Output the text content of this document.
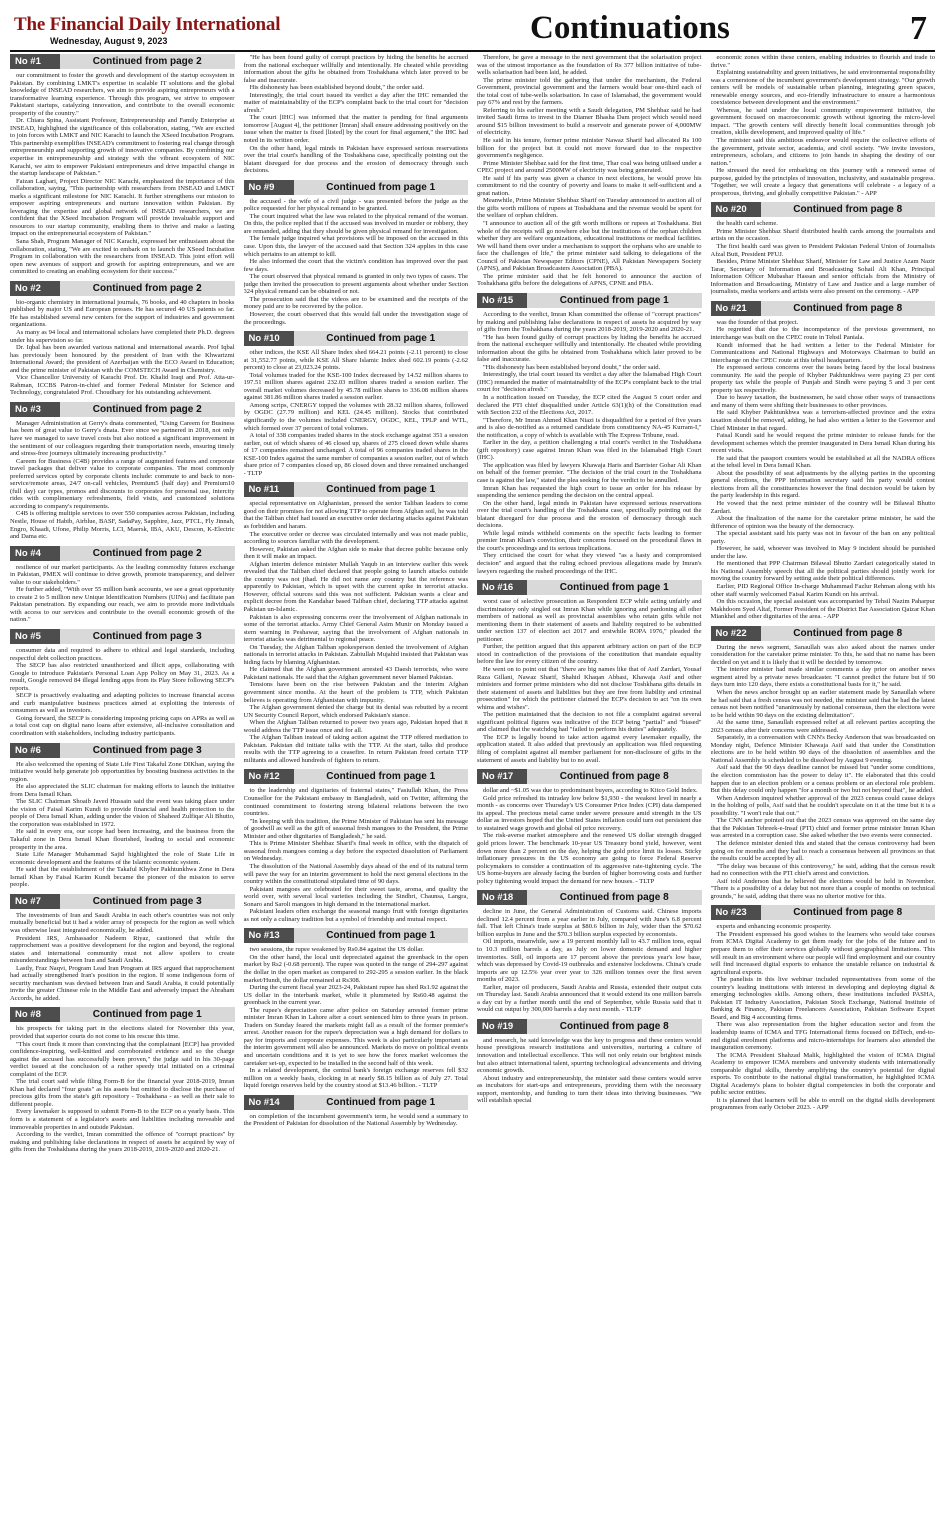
The Financial Daily International
Wednesday, August 9, 2023	Continuations	7
No #1	Continued from page 2

our commitment to foster the growth and development of the startup ecosystem in Pakistan. By combining LMKT's expertise in scalable IT solutions and the global knowledge of INSEAD researchers, we aim to provide aspiring entrepreneurs with a transformative learning experience. Through this program, we strive to empower Pakistani startups, catalyzing innovation, and contribute to the overall economic prosperity of the country."

Dr. Chiara Spina, Assistant Professor, Entrepreneurship and Family Enterprise at INSEAD, highlighted the significance of this collaboration, stating, "We are excited to join forces with LMKT and NIC Karachi to launch the XSeed Incubation Program. This partnership exemplifies INSEAD's commitment to fostering real change through entrepreneurship and supporting growth of innovative companies. By combining our expertise in entrepreneurship and strategy with the vibrant ecosystem of NIC Karachi, we aim to empower Pakistani entrepreneurs and drive impactful change in the startup landscape of Pakistan."

Faizan Laghari, Project Director NIC Karachi, emphasized the importance of this collaboration, saying, "This partnership with researchers from INSEAD and LMKT marks a significant milestone for NIC Karachi. It further strengthens our mission to empower aspiring entrepreneurs and nurture innovation within Pakistan. By leveraging the expertise and global network of INSEAD researchers, we are confident that the XSeed Incubation Program will provide invaluable support and resources to our startup community, enabling them to thrive and make a lasting impact on the entrepreneurial ecosystem of Pakistan."

Sana Shah, Program Manager of NIC Karachi, expressed her enthusiasm about the collaboration, stating, "We are excited to embark on to launch the XSeed Incubation Program in collaboration with the researchers from INSEAD. This joint effort will open new avenues of support and growth for aspiring entrepreneurs, and we are committed to creating an enabling ecosystem for their success."

No #2	Continued from page 2

bio-organic chemistry in international journals, 76 books, and 40 chapters in books published by major US and European presses. He has secured 40 US patents so far. He has established several new centers for the support of industries and government organizations.

As many as 94 local and international scholars have completed their Ph.D. degrees under his supervision so far.

Dr. Iqbal has been awarded various national and international awards. Prof Iqbal has previously been honoured by the president of Iran with the Khwarizmi International Award; the president of Azerbaijan with the ECO Award in Education; and the prime minister of Pakistan with the COMSTECH Award in Chemistry.

Vice Chancellor University of Karachi Prof. Dr. Khalid Iraqi and Prof. Atta-ur-Rahman, ICCBS Patron-in-chief and former Federal Minister for Science and Technology, congratulated Prof. Choudhary for his outstanding achievement.

No #3	Continued from page 2

Manager Administration at Gerry's dnata commented, "Using Careem for Business has been of great value to Gerry's dnata. Ever since we partnered in 2018, not only have we managed to save travel costs but also noticed a significant improvement in the sentiment of our colleagues regarding their transportation needs, ensuring timely and stress-free journeys ultimately increasing productivity."

Careem for Business (C4B) provides a range of augmented features and corporate travel packages that deliver value to corporate companies. The most commonly preferred services opted by corporate clients include: commute to and back to non-service/remote areas, 24/7 on-call vehicles, Premium5 (half day) and Premium10 (full day) car types, promos and discounts to corporates for personal use, intercity rides with complimentary refreshments, field visits, and customized solutions according to company's requirements.

C4B is offering multiple services to over 550 companies across Pakistan, including Nestle, House of Habib, Airblue, BASF, SadaPay, Sapphire, Jazz, PTCL, Fly Jinnah, Engro, Khaadi, Ufone, Philip Morris, LCI, Maersk, IBA, AKU, Descon, K-Electric and Dama etc.

No #4	Continued from page 2

resilience of our market participants. As the leading commodity futures exchange in Pakistan, PMEX will continue to drive growth, promote transparency, and deliver value to our stakeholders."

He further added, "With over 55 million bank accounts, we see a great opportunity to create 2 to 5 million new Unique Identification Numbers (UINs) and facilitate pan Pakistan penetration. By expanding our reach, we aim to provide more individuals with access to our services and contribute to the overall economic growth of the nation."

No #5	Continued from page 3

consumer data and required to adhere to ethical and legal standards, including respectful debt collection practices.

The SECP has also restricted unauthorized and illicit apps, collaborating with Google to introduce Pakistan's Personal Loan App Policy on May 31, 2023. As a result, Google removed 84 illegal lending apps from its Play Store following SECP's reports.

SECP is proactively evaluating and adapting policies to increase financial access and curb manipulative business practices aimed at exploiting the interests of consumers as well as investors.

Going forward, the SECP is considering imposing pricing caps on APRs as well as a total cost cap on digital nano loans after extensive, all-inclusive consultation and coordination with stakeholders, including industry participants.

No #6	Continued from page 3

He also welcomed the opening of State Life First Takaful Zone DIKhan, saying the initiative would help generate job opportunities by boosting business activities in the region.

He also appreciated the SLIC chairman for making efforts to launch the initiative from Dera Ismail Khan.

The SLIC Chairman Shoaib Javed Hussain said the event was taking place under the vision of Faisal Karim Kundi to provide financial and health protection to the people of Dera Ismail Khan, adding under the vision of Shaheed Zulfiqar Ali Bhutto, the corporation was established in 1972.

He said in every era, our scope had been increasing, and the business from the Takaful zone in Dera Ismail Khan flourished, leading to social and economic prosperity in the area.

State Life Manager Muhammad Sajid highlighted the role of State Life in economic development and the features of the Islamic economic system.

He said that the establishment of the Takaful Khyber Pakhtunkhwa Zone in Dera Ismail Khan by Faisal Karim Kundi became the pioneer of the mission to serve people.

No #7	Continued from page 3

The investments of Iran and Saudi Arabia in each other's countries was not only mutually beneficial but it had a wider array of prospects for the region as well which was otherwise least integrated economically, he added.

President IRS, Ambassador Nadeem Riyaz, cautioned that while the rapprochement was a positive development for the region and beyond, the regional states and international community must not allow spoilers to create misunderstandings between Iran and Saudi Arabia.

Lastly, Fraz Naqvi, Program Lead Iran Program at IRS argued that rapprochement had actually strengthened Iran's position in the region. If some indigenous form of security mechanism was devised between Iran and Saudi Arabia, it could potentially invite the greater Chinese role in the Middle East and adversely impact the Abraham Accords, he added.

No #8	Continued from page 1

his prospects for taking part in the elections slated for November this year, provided that superior courts do not come to his rescue this time.

"This court finds it more than convincing that the complainant [ECP] has provided confidence-inspiring, well-knitted and corroborated evidence and so the charge against the accused has successfully been proven," the judge said in his 30-page verdict issued at the conclusion of a rather speedy trial initiated on a criminal complaint of the ECP.

The trial court said while filing Form-B for the financial year 2018-2019, Imran Khan had declared "four goats" as his assets but omitted to disclose the purchase of precious gifts from the state's gift repository - Toshakhana - as well as their sale to different people.

Every lawmaker is supposed to submit Form-B to the ECP on a yearly basis. This form is a statement of a legislator's assets and liabilities including moveable and immoveable properties in and outside Pakistan.

According to the verdict, Imran committed the offence of "corrupt practices" by making and publishing false declarations in respect of assets he acquired by way of gifts from the Toshakhana during the years 2018-2019, 2019-2020 and 2020-21.

"He has been found guilty of corrupt practices by hiding the benefits he accrued from the national exchequer willfully and intentionally. He cheated while providing information about the gifts he obtained from Toshakhana which later proved to be false and inaccurate.

His dishonesty has been established beyond doubt," the order said.

Interestingly, the trial court issued its verdict a day after the IHC remanded the matter of maintainability of the ECP's complaint back to the trial court for "decision afresh."

The court [IHC] was informed that the matter is pending for final arguments tomorrow [August 4], the petitioner [Imran] shall ensure addressing positively on the issue when the matter is fixed [listed] by the court for final argument," the IHC had noted in its written order.

On the other hand, legal minds in Pakistan have expressed serious reservations over the trial court's handling of the Toshakhana case, specifically pointing out the blatant disregard for due process and the erosion of democracy through such decisions.

No #9	Continued from page 1

the accused - the wife of a civil judge - was presented before the judge as the police requested for her physical remand to be granted.

The court inquired what the law was related to the physical remand of the woman. On this, the police replied that if the accused was involved in murder or robbery, they are remanded, adding that they should be given physical remand for investigation.

The female judge inquired what provisions will be imposed on the accused in this case. Upon this, the lawyer of the accused said that Section 324 applies in this case which pertains to an attempt to kill.

He also informed the court that the victim's condition has improved over the past few days.

The court observed that physical remand is granted in only two types of cases. The judge then invited the prosecution to present arguments about whether under Section 324 physical remand can be obtained or not.

The prosecution said that the videos are to be examined and the receipts of the money paid are to be recovered by the police.

However, the court observed that this would fall under the investigation stage of the proceedings.

No #10	Continued from page 1

other indices, the KSE All Share Index shed 664.21 points (-2.11 percent) to close at 31,552.77 points, while KSE All Share Islamic Index shed 602.19 points (-2.62 percent) to close at 23,023.24 points.

Total volumes traded for the KSE-100 Index decreased by 14.52 million shares to 197.51 million shares against 232.03 million shares traded a session earlier. The overall market volumes decreased by 45.78 million shares to 336.08 million shares against 381.86 million shares traded a session earlier.

Among scrips, CNERGY topped the volumes with 28.32 million shares, followed by OGDC (27.79 million) and KEL (24.45 million). Stocks that contributed significantly to the volumes included CNERGY, OGDC, KEL, TPLP and WTL, which formed over 37 percent of total volumes.

A total of 338 companies traded shares in the stock exchange against 351 a session earlier, out of which shares of 46 closed up, shares of 275 closed down while shares of 17 companies remained unchanged. A total of 96 companies traded shares in the KSE-100 Index against the same number of companies a session earlier, out of which share price of 7 companies closed up, 86 closed down and three remained unchanged - TLTP

No #11	Continued from page 1

special representative on Afghanistan, pressed the senior Taliban leaders to come good on their promises for not allowing TTP to operate from Afghan soil, he was told that the Taliban chief had issued an executive order declaring attacks against Pakistan as forbidden and haram.

The executive order or decree was circulated internally and was not made public, according to sources familiar with the development.

However, Pakistan asked the Afghan side to make that decree public because only then it will make an impact.

Afghan interim defence minister Mullah Yaqub in an interview earlier this week revealed that the Taliban chief declared that people going to launch attacks outside the country was not jihad. He did not name any country but the reference was apparently to Pakistan, which is upset with the current spike in terrorist attacks. However, official sources said this was not sufficient. Pakistan wants a clear and explicit decree from the Kandahar based Taliban chief, declaring TTP attacks against Pakistan un-Islamic.

Pakistan is also expressing concerns over the involvement of Afghan nationals in some of the terrorist attacks. Army Chief General Asim Munir on Monday issued a stern warning in Peshawar, saying that the involvement of Afghan nationals in terrorist attacks was detrimental to regional peace.

On Tuesday, the Afghan Taliban spokesperson denied the involvement of Afghan nationals in terrorist attacks in Pakistan. Zabiullah Mujahid insisted that Pakistan was hiding facts by blaming Afghanistan.

He claimed that the Afghan government arrested 43 Daesh terrorists, who were Pakistani nationals. He said that the Afghan government never blamed Pakistan.

Tensions have been on the rise between Pakistan and the interim Afghan government since months. At the heart of the problem is TTP, which Pakistan believes is operating from Afghanistan with impunity.

The Afghan government denied the charge but its denial was rebutted by a recent UN Security Council Report, which endorsed Pakistan's stance.

When the Afghan Taliban returned to power two years ago, Pakistan hoped that it would address the TTP issue once and for all.

The Afghan Taliban instead of taking action against the TTP offered mediation to Pakistan. Pakistan did initiate talks with the TTP. At the start, talks did produce results with the TTP agreeing to a ceasefire. In return Pakistan freed certain TTP militants and allowed hundreds of fighters to return.

No #12	Continued from page 1

to the leadership and dignitaries of fraternal states," Fasiullah Khan, the Press Counsellor for the Pakistani embassy in Bangladesh, said on Twitter, affirming the continued commitment to fostering strong bilateral relations between the two countries.

"In keeping with this tradition, the Prime Minister of Pakistan has sent his message of goodwill as well as the gift of seasonal fresh mangoes to the President, the Prime Minister and other dignitaries of Bangladesh," he said.

This is Prime Minister Shehbaz Sharif's final week in office, with the dispatch of seasonal fresh mangoes coming a day before the expected dissolution of Parliament on Wednesday.

The dissolution of the National Assembly days ahead of the end of its natural term will pave the way for an interim government to hold the next general elections in the country within the constitutional stipulated time of 90 days.

Pakistani mangoes are celebrated for their sweet taste, aroma, and quality the world over, with several local varieties including the Sindhri, Chaunsa, Langra, Sonaro and Saroli mangoes in high demand in the international market.

Pakistani leaders often exchange the seasonal mango fruit with foreign dignitaries as not only a culinary tradition but a symbol of friendship and mutual respect.

No #13	Continued from page 1

two sessions, the rupee weakened by Rs0.84 against the US dollar.

On the other hand, the local unit depreciated against the greenback in the open market by Rs2 (-0.68 percent). The rupee was quoted in the range of 294-297 against the dollar in the open market as compared to 292-295 a session earlier. In the black market/Hundi, the dollar remained at Rs308.

During the current fiscal year 2023-24, Pakistani rupee has shed Rs1.92 against the US dollar in the interbank market, while it plummeted by Rs60.48 against the greenback in the current year.

The rupee's depreciation came after police on Saturday arrested former prime minister Imran Khan in Lahore after a court sentenced him to three years in prison. Traders on Sunday feared the markets might fall as a result of the former premier's arrest. Another reason for the rupee's depreciation was a high demand for dollars to pay for imports and corporate expenses. This week is also particularly important as the interim government will also be announced. Markets do move on political events and uncertain conditions and it is yet to see how the forex market welcomes the caretaker set-up, expected to be installed in the second half of this week.

In a related development, the central bank's foreign exchange reserves fell $32 million on a weekly basis, clocking in at nearly $8.15 billion as of July 27. Total liquid foreign reserves held by the country stood at $13.46 billion. - TLTP

No #14	Continued from page 1

on completion of the incumbent government's term, he would send a summary to the President of Pakistan for dissolution of the National Assembly by Wednesday.

Therefore, he gave a message to the next government that the solarisation project was of the utmost importance as the foundation of Rs 377 billion initiative of tube-wells solarisation had been laid, he added.

The prime minister told the gathering that under the mechanism, the Federal Government, provincial government and the farmers would bear one-third each of the total cost of tube-wells solarisation. In case of Islamabad, the government would pay 67% and rest by the farmers.

Referring to his earlier meeting with a Saudi delegation, PM Shehbaz said he had invited Saudi firms to invest in the Diamer Bhasha Dam project which would need around $15 billion investment to build a reservoir and generate power of 4,000MW of electricity.

He said in his tenure, former prime minister Nawaz Sharif had allocated Rs 100 billion for the project but it could not move forward due to the respective government's negligence.

Prime Minister Shehbaz said for the first time, Thar coal was being utilised under a CPEC project and around 2500MW of electricity was being generated.

He said if his party was given a chance in next elections, he would prove his commitment to rid the country of poverty and loans to make it self-sufficient and a great nation.

Meanwhile, Prime Minister Shehbaz Sharif on Tuesday announced to auction all of the gifts worth millions of rupees at Toshakhana and the revenue would be spent for the welfare of orphan children.

"I announce to auction all of the gift worth millions or rupees at Toshakhana. But whole of the receipts will go nowhere else but the institutions of the orphan children whether they are welfare organizations, educational institutions or medical facilities. We will hand them over under a mechanism to support the orphans who are unable to face the challenges of life," the prime minister said talking to delegations of the Council of Pakistan Newspaper Editors (CPNE), All Pakistan Newspapers Society (APNS), and Pakistan Broadcasters Association (PBA).

The prime minister said that he felt honored to announce the auction of Toshakhana gifts before the delegations of APNS, CPNE and PBA.

No #15	Continued from page 1

According to the verdict, Imran Khan committed the offense of "corrupt practices" by making and publishing false declarations in respect of assets he acquired by way of gifts from the Toshakhana during the years 2018-2019, 2019-2020 and 2020-21.

"He has been found guilty of corrupt practices by hiding the benefits he accrued from the national exchequer willfully and intentionally. He cheated while providing information about the gifts he obtained from Toshakhana which later proved to be false and inaccurate.

"His dishonesty has been established beyond doubt," the order said.

Interestingly, the trial court issued its verdict a day after the Islamabad High Court (IHC) remanded the matter of maintainability of the ECP's complaint back to the trial court for "decision afresh."

In a notification issued on Tuesday, the ECP cited the August 5 court order and declared the PTI chief disqualified under Article 63(1)(h) of the Constitution read with Section 232 of the Elections Act, 2017.

"Therefore, Mr Imran Ahmed Khan Niazi is disqualified for a period of five years and is also de-notified as a returned candidate from constituency NA-45 Kurram-I," the notification, a copy of which is available with The Express Tribune, read.

Earlier in the day, a petition challenging a trial court's verdict in the Toshakhana (gift repository) case against Imran Khan was filed in the Islamabad High Court (IHC).

The application was filed by lawyers Khawaja Haris and Barrister Gohar Ali Khan on behalf of the former premier. "The decision of the trial court in the Toshakhana case is against the law," stated the plea seeking for the verdict to be annulled.

Imran Khan has requested the high court to issue an order for his release by suspending the sentence pending the decision on the central appeal.

On the other hand, legal minds in Pakistan have expressed serious reservations over the trial court's handling of the Toshakhana case, specifically pointing out the blatant disregard for due process and the erosion of democracy through such decisions.

While legal minds withheld comments on the specific facts leading to former premier Imran Khan's conviction, their concerns focused on the procedural flaws in the court's proceedings and its serious implications.

They criticised the court for what they viewed "as a hasty and compromised decision" and argued that the ruling echoed previous allegations made by Imran's lawyers regarding the rushed proceedings of the IHC.

No #16	Continued from page 1

worst case of selective prosecution as Respondent ECP while acting unfairly and discriminatory only singled out Imran Khan while ignoring and pardoning all other members of national as well as provincial assemblies who retain gifts while not mentioning them in their statement of assets and liability required to be submitted under section 137 of election act 2017 and erstwhile ROPA 1976," pleaded the petitioner.

Further, the petition argued that this apparent arbitrary action on part of the ECP stood in contradiction of the provisions of the constitution that mandate equality before the law for every citizen of the country.

He went on to point out that "there are big names like that of Asif Zardari, Yousaf Raza Gillani, Nawaz Sharif, Shahid Khaqan Abbasi, Khawaja Asif and other ministers and former prime ministers who did not disclose Toshkhana gifts details in their statement of assets and liabilities but they are free from liability and criminal prosecution" for which the petitioner claimed the ECP's decision to act "on its own whims and wishes".

The petition maintained that the decision to not file a complaint against several significant political figures was indicative of the ECP being "partial" and "biased" and claimed that the watchdog had "failed to perform his duties" adequately.

The ECP is legally bound to take action against every lawmaker equally, the application stated. It also added that previously an application was filed requesting filing of complaint against all member parliament for non-disclosure of gifts in the statement of assets and liability but to no avail.

No #17	Continued from page 8

dollar and ~$1.05 was due to predominant buyers, according to Kitco Gold Index.

Gold price refreshed its intraday low below $1,930 - the weakest level in nearly a month - as concerns over Thursday's US Consumer Price Index (CPI) data dampened its appeal. The precious metal came under severe pressure amid strength in the US dollar as investors hoped that the United States inflation could turn out persistent due to sustained wage growth and global oil price recovery.

The risk-averse market atmosphere and the renewed US dollar strength dragged gold prices lower. The benchmark 10-year US Treasury bond yield, however, went down more than 2 percent on the day, helping the gold price limit its losses. Sticky inflationary pressures in the US economy are going to force Federal Reserve policymakers to consider a continuation of its aggressive rate-tightening cycle. The US home-buyers are already facing the burden of higher borrowing costs and further policy tightening would impact the demand for new houses. - TLTP

No #18	Continued from page 8

decline in June, the General Administration of Customs said. Chinese imports declined 12.4 percent from a year earlier in July, compared with June's 6.8 percent fall. That left China's trade surplus at $80.6 billion in July, wider than the $70.62 billion surplus in June and the $70.3 billion surplus expected by economists.

Oil imports, meanwhile, saw a 19 percent monthly fall to 43.7 million tons, equal to 10.3 million barrels a day, as July on lower domestic demand and higher inventories. Still, oil imports are 17 percent above the previous year's low base, which was depressed by Covid-19 outbreaks and extensive lockdowns. China's crude imports are up 12.5% year over year to 326 million tonnes over the first seven months of 2023.

Earlier, major oil producers, Saudi Arabia and Russia, extended their output cuts on Thursday last. Saudi Arabia announced that it would extend its one million barrels a day cut by a further month until the end of September, while Russia said that it would cut output by 300,000 barrels a day next month. - TLTP

No #19	Continued from page 8

and research, he said knowledge was the key to progress and these centers would house prestigious research institutions and universities, nurturing a culture of innovation and intellectual excellence. This will not only retain our brightest minds but also attract international talent, spurring technological advancements and driving economic growth.

About industry and entrepreneurship, the minister said these centers would serve as incubators for start-ups and entrepreneurs, providing them with the necessary support, mentorship, and funding to turn their ideas into thriving businesses. "We will establish special

economic zones within these centers, enabling industries to flourish and trade to thrive."

Explaining sustainability and green initiatives, he said environmental responsibility was a cornerstone of the incumbent government's development strategy. "Our growth centers will be models of sustainable urban planning, integrating green spaces, renewable energy sources, and eco-friendly infrastructure to ensure a harmonious coexistence between development and the environment."

Whereas, he said under the local community empowerment initiative, the government focused on macroeconomic growth without ignoring the micro-level impact. "The growth centers will directly benefit local communities through job creation, skills development, and improved quality of life."

The minister said this ambitious endeavor would require the collective efforts of the government, private sector, academia, and civil society. "We invite investors, entrepreneurs, scholars, and citizens to join hands in shaping the destiny of our nation."

He stressed the need for embarking on this journey with a renewed sense of purpose, guided by the principles of innovation, inclusivity, and sustainable progress. "Together, we will create a legacy that generations will celebrate - a legacy of a prosperous, thriving, and globally competitive Pakistan." - APP

No #20	Continued from page 8

the health card scheme.

Prime Minister Shehbaz Sharif distributed health cards among the journalists and artists on the occasion.

The first health card was given to President Pakistan Federal Union of Journalists Afzal Butt, President PFUJ.

Besides, Prime Minister Shehbaz Sharif, Minister for Law and Justice Azam Nazir Tarar, Secretary of Information and Broadcasting Sohail Ali Khan, Principal Information Officer Mubashar Hassan and senior officials from the Ministry of Information and Broadcasting, Ministry of Law and Justice and a large number of journalists, media workers and artists were also present on the ceremony. - APP

No #21	Continued from page 8

was the founder of that project.

He regretted that due to the incompetence of the previous government, no interchange was built on the CPEC route in Tehsil Paniala.

Kundi informed that he had written a letter to the Federal Minister for Communications and National Highways and Motorways Chairman to build an interchange on the CPEC route at this tehsil headquarters.

He expressed serious concerns over the issues being faced by the local business community. He said the people of Khyber Pakhtunkhwa were paying 23 per cent property tax while the people of Punjab and Sindh were paying 5 and 3 per cent property tax respectively.

Due to heavy taxation, the businessmen, he said chose other ways of transactions and many of them were shifting their businesses to other provinces.

He said Khyber Pakhtunkhwa was a terrorism-affected province and the extra taxation should be removed, adding, he had also written a letter to the Governor and Chief Minister in that regard.

Faisal Kundi said he would request the prime minister to release funds for the development schemes which the premier inaugurated in Dera Ismail Khan during his recent visits.

He said that the passport counters would be established at all the NADRA offices at the tehsil level in Dera Ismail Khan.

About the possibility of seat adjustments by the allying parties in the upcoming general elections, the PPP information secretary said his party would contest elections from all the constituencies however the final decision would be taken by the party leadership in this regard.

He vowed that the next prime minister of the country will be Bilawal Bhutto Zardari.

About the finalization of the name for the caretaker prime minister, he said the difference of opinion was the beauty of the democracy.

The special assistant said his party was not in favour of the ban on any political party.

However, he said, whoever was involved in May 9 incident should be punished under the law.

He mentioned that PPP Chairman Bilawal Bhutto Zardari categorically stated in his National Assembly speech that all the political parties should jointly work for moving the country forward by setting aside their political differences.

Earlier, PID Regional Office In-charge Muhammad Fazlur Rehman along with his other staff warmly welcomed Faisal Karim Kundi on his arrival.

On this occasion, the special assistant was accompanied by Tehsil Nazim Paharpur Makhdoom Syed Altaf, Former President of the District Bar Association Qaizar Khan Miankhel and other dignitaries of the area. - APP

No #22	Continued from page 8

During the news segment, Sanaullah was also asked about the names under consideration for the caretaker prime minister. To this, he said that no name has been decided on yet and it is likely that it will be decided by tomorrow.

The interior minister had made similar comments a day prior on another news segment aired by a private news broadcaster. "I cannot predict the future but if 90 days turn into 120 days, there exists a constitutional basis for it," he said.

When the news anchor brought up an earlier statement made by Sanaullah where he had said that a fresh census was not needed, the minister said that he had the latest census not been notified "unanimously by national consensus, then the elections were to be held within 90 days on the existing delimitation".

At the same time, Sanaullah expressed relief at all relevant parties accepting the 2023 census after their concerns were addressed.

Separately, in a conversation with CNN's Becky Anderson that was broadcasted on Monday night, Defence Minister Khawaja Asif said that under the Constitution elections are to be held within 90 days of the dissolution of assemblies and the National Assembly is scheduled to be dissolved by August 9 evening.

Asif said that the 90 days deadline cannot be missed but "under some conditions, the election commission has the power to delay it". He elaborated that this could happen due to an election problem or a census problem or an electoral role problem. But this delay could only happen "for a month or two but not beyond that", he added.

When Anderson inquired whether approval of the 2023 census could cause delays in the holding of polls, Asif said that he couldn't speculate on it at the time but it is a possibility. "I won't rule that out."

The CNN anchor pointed out that the 2023 census was approved on the same day that the Pakistan Tehreek-e-Insaf (PTI) chief and former prime minister Imran Khan was arrested in a corruption case. She asked whether the two events were connected.

The defence minister denied this and stated that the census controversy had been going on for months and they had to reach a consensus between all provinces so that the results could be accepted by all.

"The delay was because of this controversy," he said, adding that the census result had no connection with the PTI chief's arrest and conviction.

Asif told Anderson that he believed the elections would be held in November. "There is a possibility of a delay but not more than a couple of months on technical grounds," he said, adding that there was no ulterior motive for this.

No #23	Continued from page 8

experts and enhancing economic prosperity.

The President expressed his good wishes to the learners who would take courses from ICMA Digital Academy to get them ready for the jobs of the future and to prepare them to offer their services globally without geographical limitations. This will result in an environment where our people will find employment and our country will find increased digital exports to enhance the unstable reliance on industrial & agricultural exports.

The panelists in this live webinar included representatives from some of the country's leading institutions with interest in developing and deploying digital & emerging technologies skills. Among others, these institutions included PASHA, Pakistan IT Industry Association, Pakistan Stock Exchange, National Institute of Banking & Finance, Pakistan Freelancers Association, Pakistan Software Export Board, and Big 4 accounting firms.

There was also representation from the higher education sector and from the leadership teams of ICMA and TFG International firms focused on EdTech, end-to-end digital enrolment platforms and micro-internships for learners also attended the inauguration ceremony.

The ICMA President Shahzad Malik, highlighted the vision of ICMA Digital Academy to empower ICMA members and university students with internationally comparable digital skills, thereby amplifying the country's potential for digital exports. To contribute to the national digital transformation, he highlighted ICMA Digital Academy's plans to bolster digital competencies in both the corporate and public sector entities.

It is planned that learners will be able to enroll on the digital skills development programmes from early October 2023. - APP
